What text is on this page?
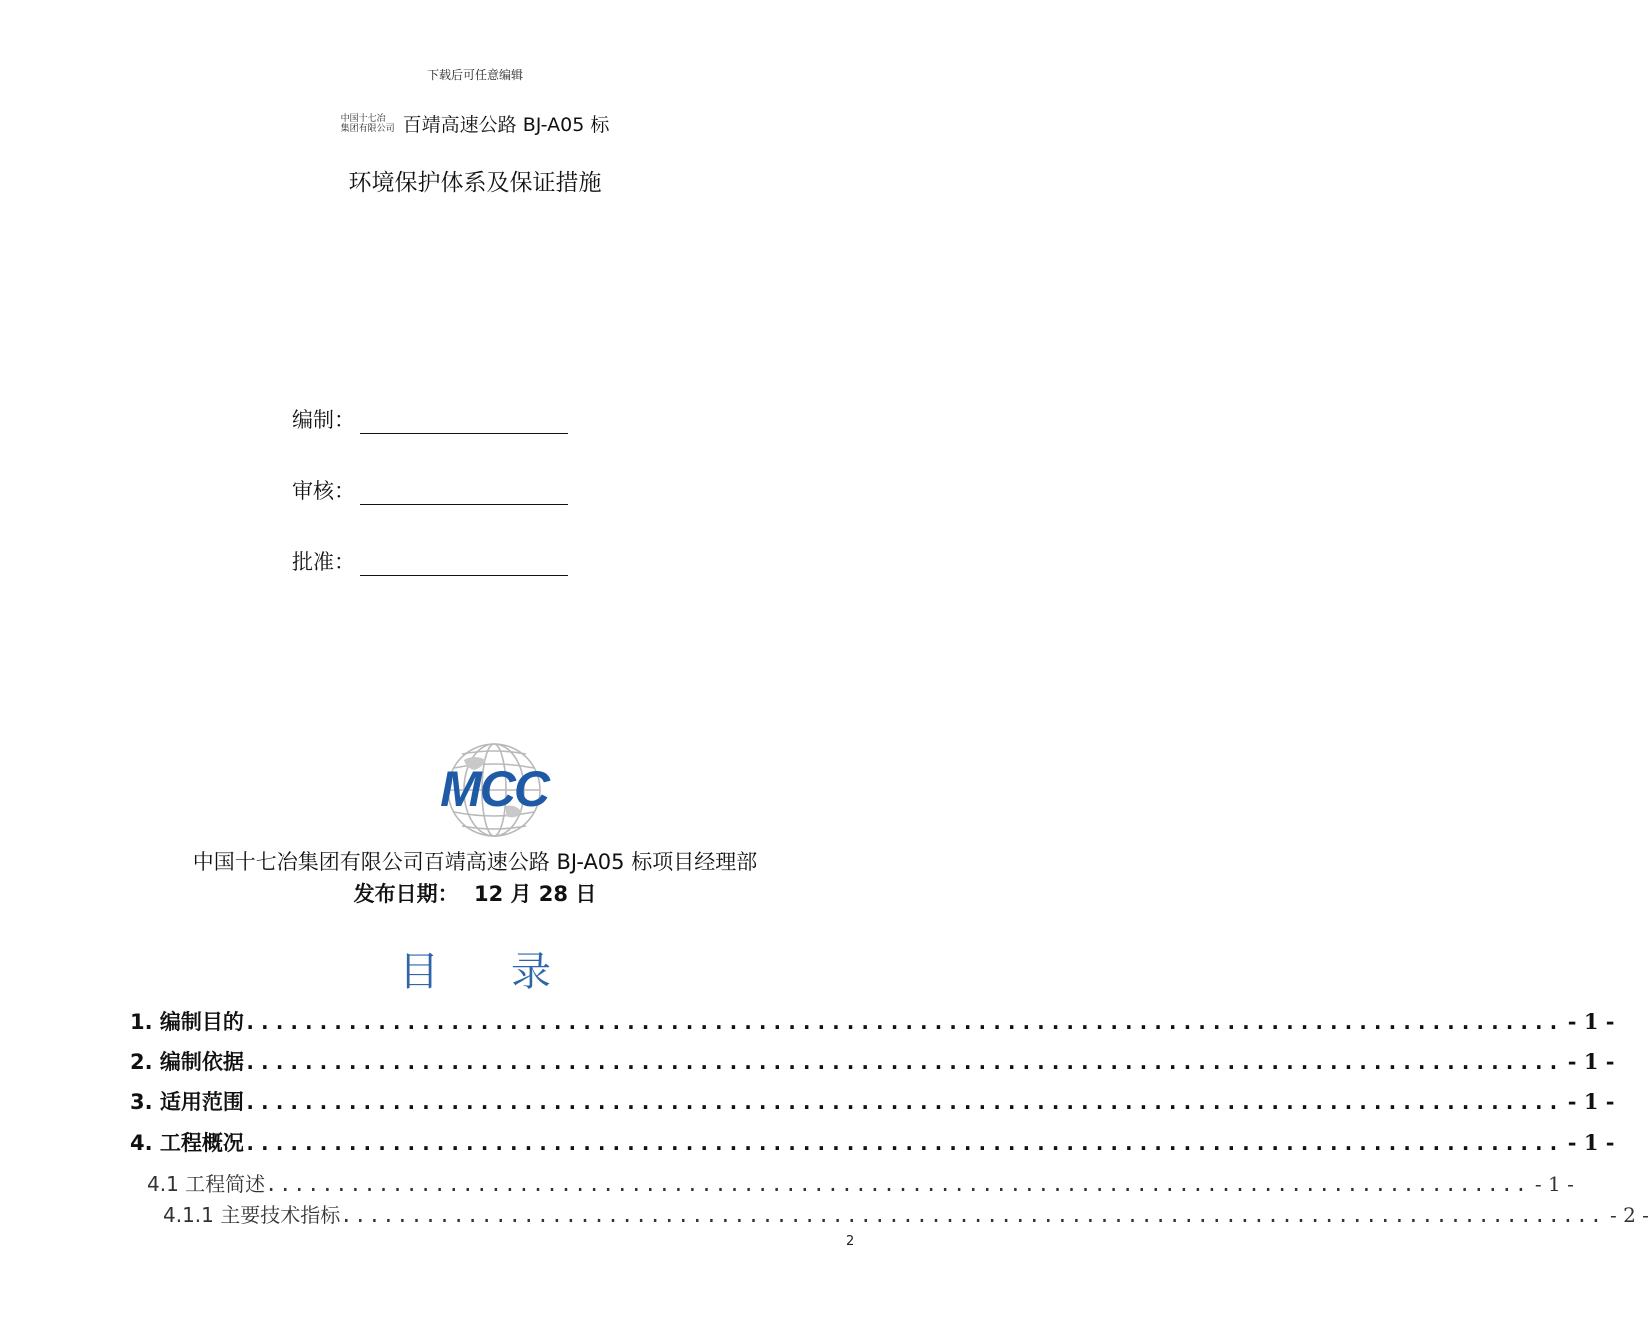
下载后可任意编辑
中国十七冶
集团有限公司 百靖高速公路 BJ-A05 标
环境保护体系及保证措施
编制：
审核：
批准：
MCC
中国十七冶集团有限公司百靖高速公路 BJ-A05 标项目经理部
发布日期： 12 月 28 日
目 录
1. 编制目的 .......................................................................................... - 1 -
2. 编制依据 .......................................................................................... - 1 -
3. 适用范围 .......................................................................................... - 1 -
4. 工程概况 .......................................................................................... - 1 -
4.1 工程简述 .......................................................................................... - 1 -
4.1.1 主要技术指标 .......................................................................................... - 2 -
2
